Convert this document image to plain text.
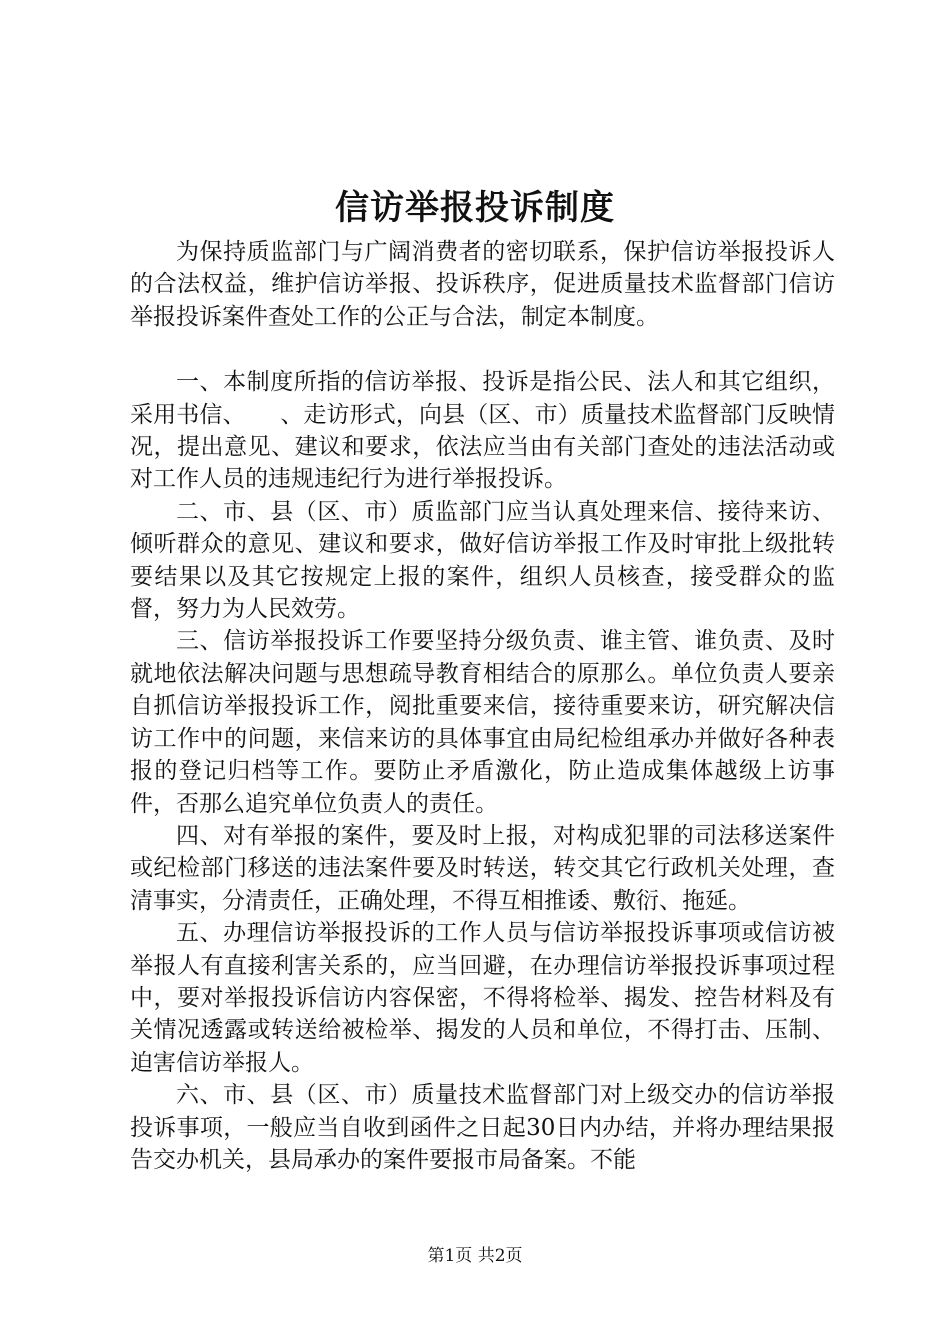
信访举报投诉制度

为保持质监部门与广阔消费者的密切联系，保护信访举报投诉人的合法权益，维护信访举报、投诉秩序，促进质量技术监督部门信访举报投诉案件查处工作的公正与合法，制定本制度。

一、本制度所指的信访举报、投诉是指公民、法人和其它组织，采用书信、　　、走访形式，向县（区、市）质量技术监督部门反映情况，提出意见、建议和要求，依法应当由有关部门查处的违法活动或对工作人员的违规违纪行为进行举报投诉。

二、市、县（区、市）质监部门应当认真处理来信、接待来访、倾听群众的意见、建议和要求，做好信访举报工作及时审批上级批转要结果以及其它按规定上报的案件，组织人员核查，接受群众的监督，努力为人民效劳。

三、信访举报投诉工作要坚持分级负责、谁主管、谁负责、及时就地依法解决问题与思想疏导教育相结合的原那么。单位负责人要亲自抓信访举报投诉工作，阅批重要来信，接待重要来访，研究解决信访工作中的问题，来信来访的具体事宜由局纪检组承办并做好各种表报的登记归档等工作。要防止矛盾激化，防止造成集体越级上访事件，否那么追究单位负责人的责任。

四、对有举报的案件，要及时上报，对构成犯罪的司法移送案件或纪检部门移送的违法案件要及时转送，转交其它行政机关处理，查清事实，分清责任，正确处理，不得互相推诿、敷衍、拖延。

五、办理信访举报投诉的工作人员与信访举报投诉事项或信访被举报人有直接利害关系的，应当回避，在办理信访举报投诉事项过程中，要对举报投诉信访内容保密，不得将检举、揭发、控告材料及有关情况透露或转送给被检举、揭发的人员和单位，不得打击、压制、迫害信访举报人。

六、市、县（区、市）质量技术监督部门对上级交办的信访举报投诉事项，一般应当自收到函件之日起30日内办结，并将办理结果报告交办机关，县局承办的案件要报市局备案。不能

第1页 共2页
